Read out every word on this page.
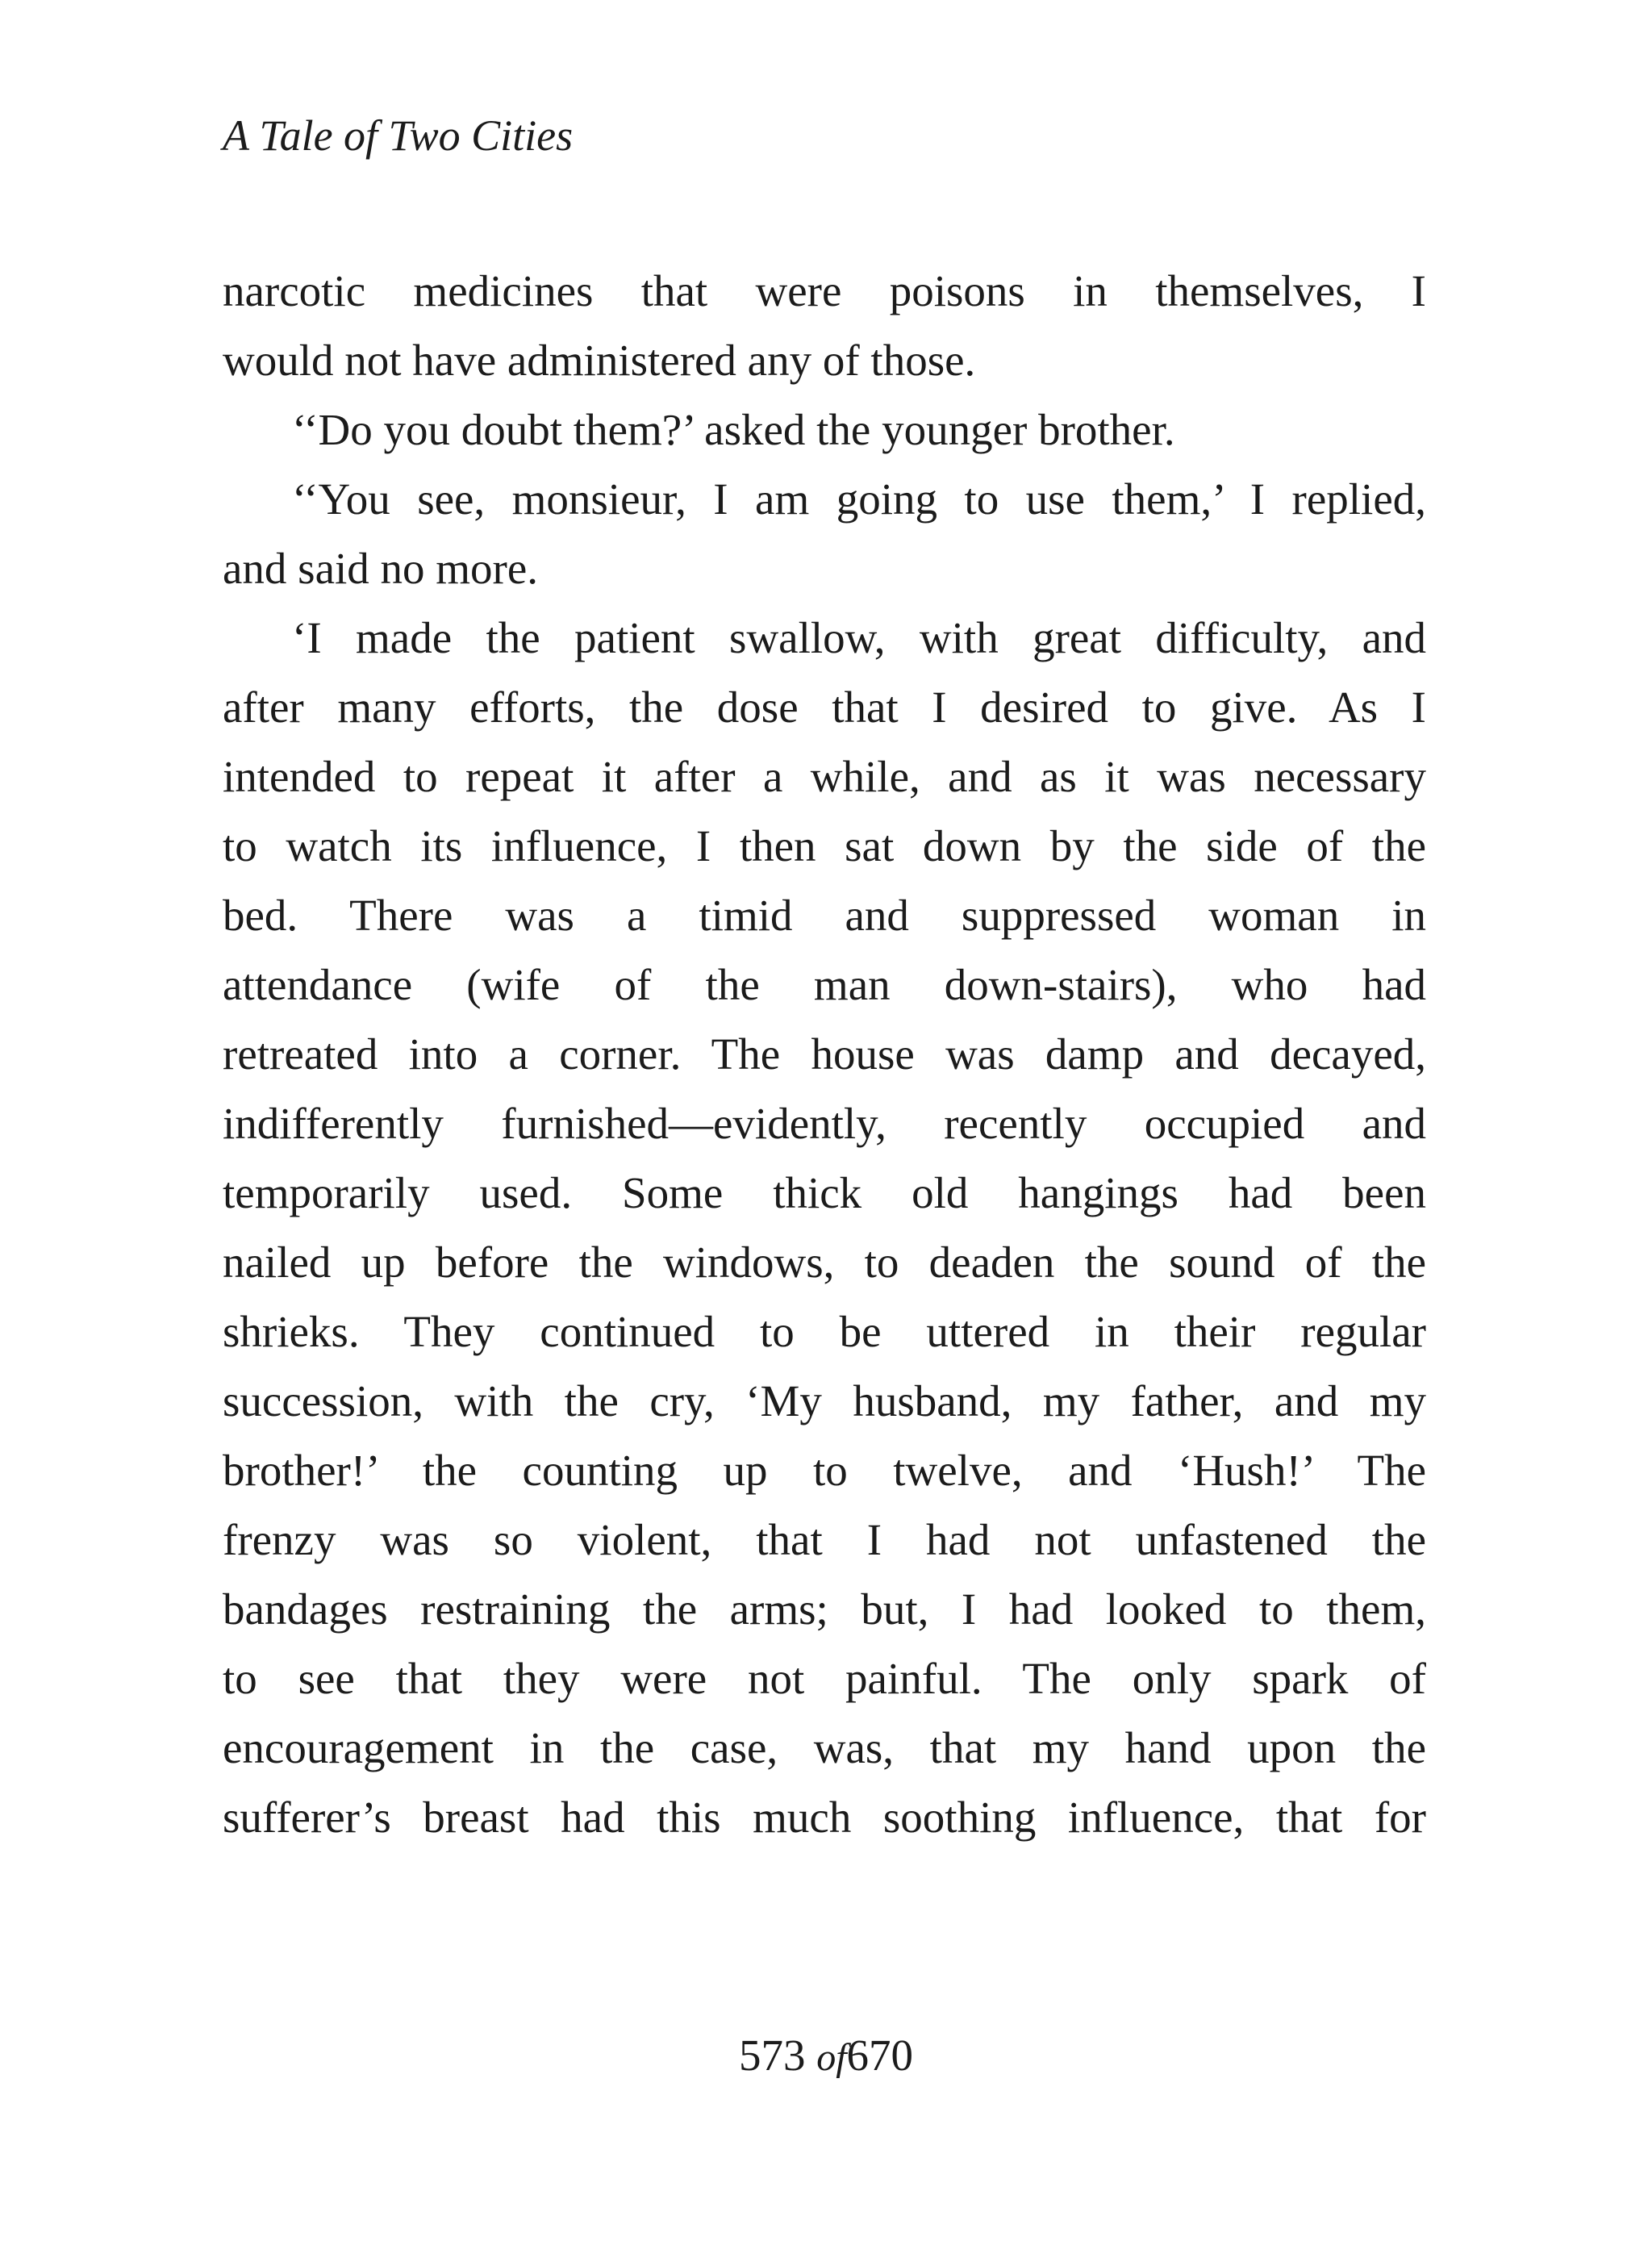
A Tale of Two Cities
narcotic medicines that were poisons in themselves, I
would not have administered any of those.
‘‘Do you doubt them?’ asked the younger brother.
‘‘You see, monsieur, I am going to use them,’ I replied,
and said no more.
‘I made the patient swallow, with great difficulty, and
after many efforts, the dose that I desired to give. As I
intended to repeat it after a while, and as it was necessary
to watch its influence, I then sat down by the side of the
bed. There was a timid and suppressed woman in
attendance (wife of the man down-stairs), who had
retreated into a corner. The house was damp and decayed,
indifferently furnished—evidently, recently occupied and
temporarily used. Some thick old hangings had been
nailed up before the windows, to deaden the sound of the
shrieks. They continued to be uttered in their regular
succession, with the cry, ‘My husband, my father, and my
brother!’ the counting up to twelve, and ‘Hush!’ The
frenzy was so violent, that I had not unfastened the
bandages restraining the arms; but, I had looked to them,
to see that they were not painful. The only spark of
encouragement in the case, was, that my hand upon the
sufferer’s breast had this much soothing influence, that for
573 of670
